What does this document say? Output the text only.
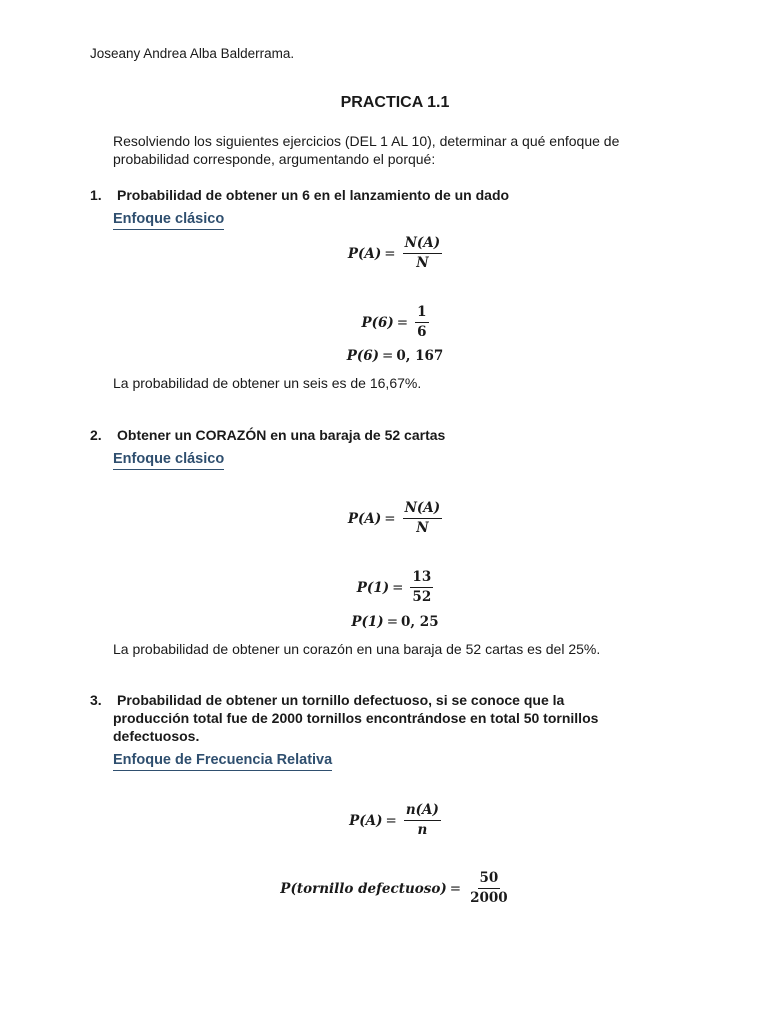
Joseany Andrea Alba Balderrama.
PRACTICA 1.1
Resolviendo los siguientes ejercicios (DEL 1 AL 10), determinar a qué enfoque de probabilidad corresponde, argumentando el porqué:
1. Probabilidad de obtener un 6 en el lanzamiento de un dado
Enfoque clásico
$P(A) = \frac{N(A)}{N}$
$P(6) = \frac{1}{6}$
P(6) = 0, 167
La probabilidad de obtener un seis es de 16,67%.
2. Obtener un CORAZÓN en una baraja de 52 cartas
Enfoque clásico
$P(A) = \frac{N(A)}{N}$
$P(1) = \frac{13}{52}$
P(1) = 0, 25
La probabilidad de obtener un corazón en una baraja de 52 cartas es del 25%.
3. Probabilidad de obtener un tornillo defectuoso, si se conoce que la
producción total fue de 2000 tornillos encontrándose en total 50 tornillos defectuosos.
Enfoque de Frecuencia Relativa
$P(A) = \frac{n(A)}{n}$
P(tornillo defectuoso) = $\frac{50}{2000}$
